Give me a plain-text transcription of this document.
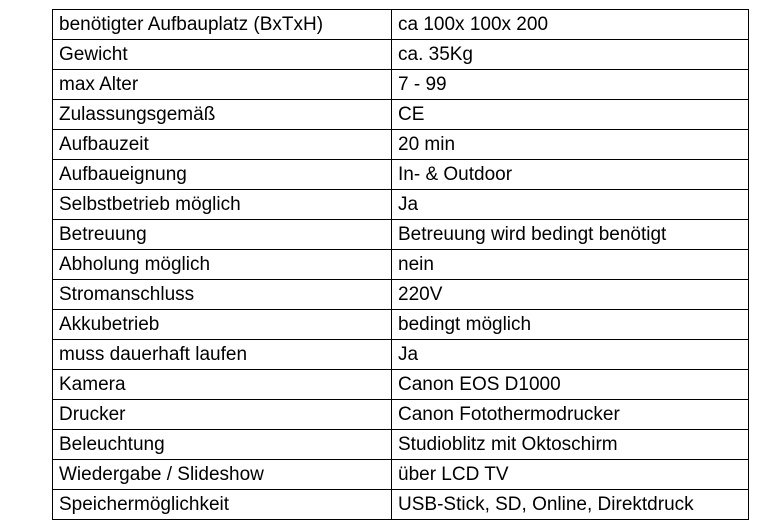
benötigter Aufbauplatz (BxTxH)	ca 100x 100x 200
Gewicht	ca. 35Kg
max Alter	7 - 99
Zulassungsgemäß	CE
Aufbauzeit	20 min
Aufbaueignung	In- & Outdoor
Selbstbetrieb möglich	Ja
Betreuung	Betreuung wird bedingt benötigt
Abholung möglich	nein
Stromanschluss	220V
Akkubetrieb	bedingt möglich
muss dauerhaft laufen	Ja
Kamera	Canon EOS D1000
Drucker	Canon Fotothermodrucker
Beleuchtung	Studioblitz mit Oktoschirm
Wiedergabe / Slideshow	über LCD TV
Speichermöglichkeit	USB-Stick, SD, Online, Direktdruck
